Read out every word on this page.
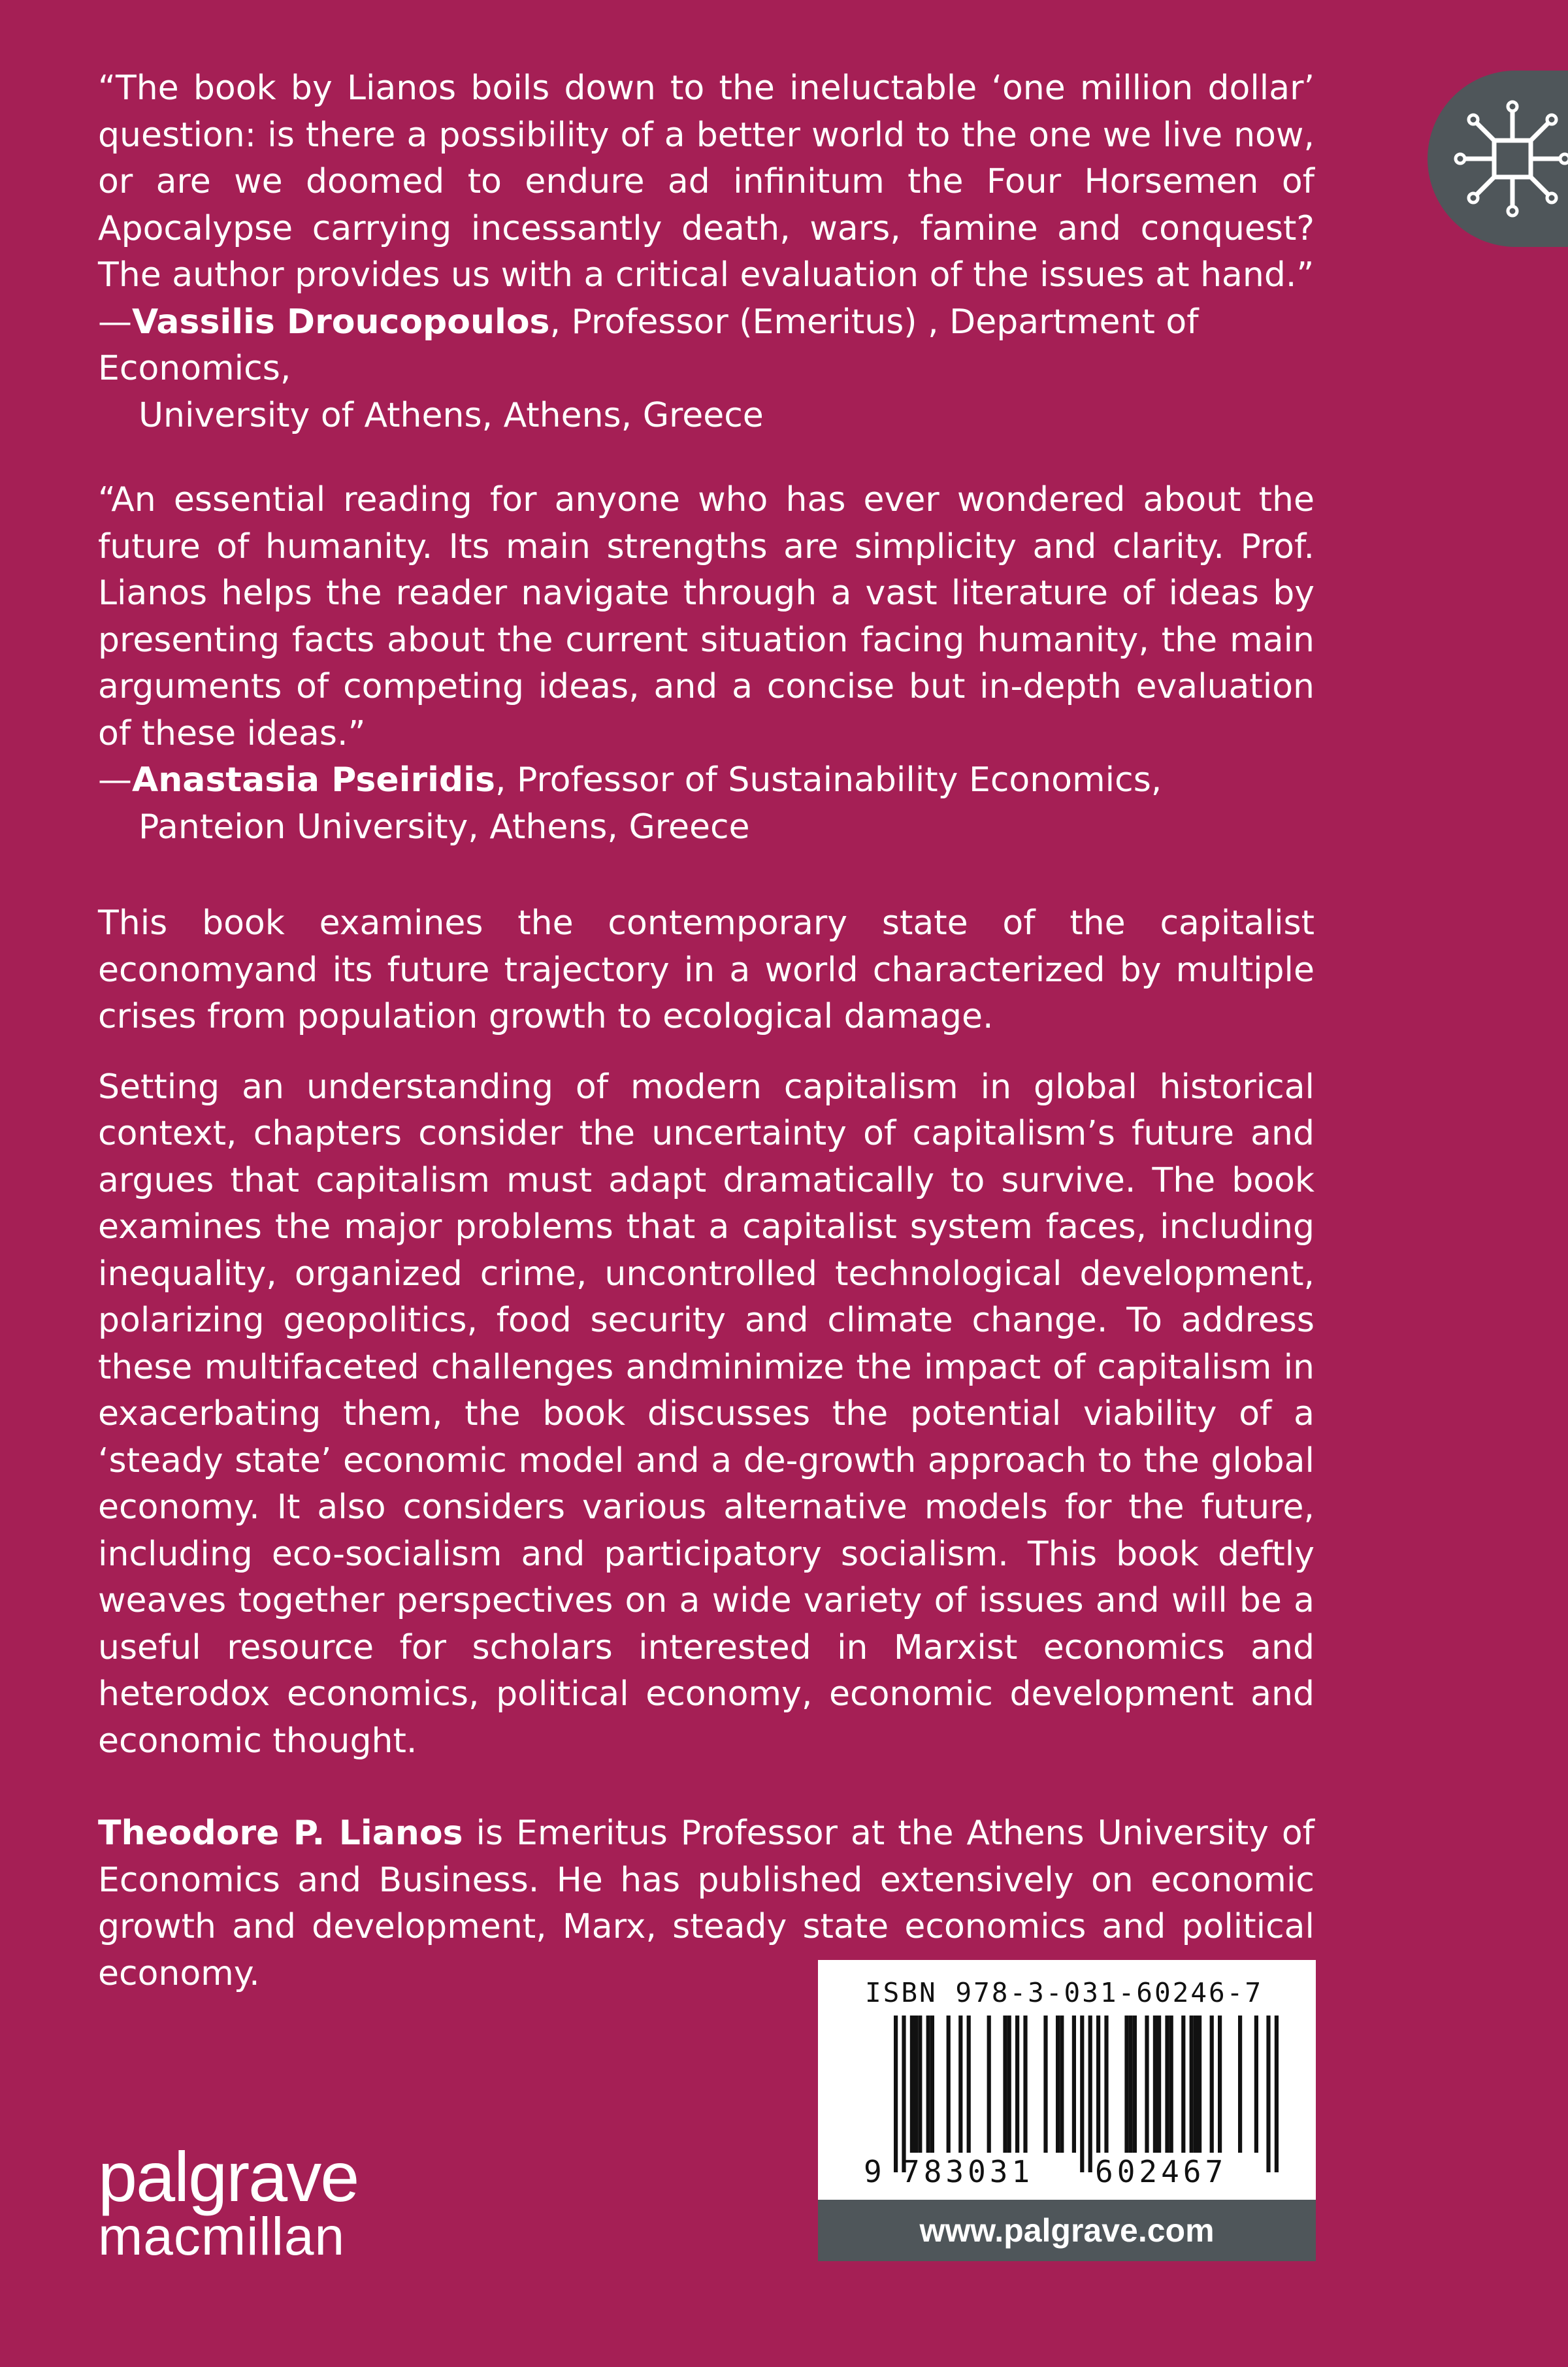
“The book by Lianos boils down to the ineluctable ‘one million dollar’ question: is there a possibility of a better world to the one we live now, or are we doomed to endure ad infinitum the Four Horsemen of Apocalypse carrying incessantly death, wars, famine and conquest? The author provides us with a critical evaluation of the issues at hand.”

—Vassilis Droucopoulos, Professor (Emeritus) , Department of Economics,
University of Athens, Athens, Greece

“An essential reading for anyone who has ever wondered about the future of humanity. Its main strengths are simplicity and clarity. Prof. Lianos helps the reader navigate through a vast literature of ideas by presenting facts about the current situation facing humanity, the main arguments of competing ideas, and a concise but in-depth evaluation of these ideas.”

—Anastasia Pseiridis, Professor of Sustainability Economics,
Panteion University, Athens, Greece

This book examines the contemporary state of the capitalist economyand its future trajectory in a world characterized by multiple crises from population growth to ecological damage.

Setting an understanding of modern capitalism in global historical context, chapters consider the uncertainty of capitalism’s future and argues that capitalism must adapt dramatically to survive. The book examines the major problems that a capitalist system faces, including inequality, organized crime, uncontrolled technological development, polarizing geopolitics, food security and climate change. To address these multifaceted challenges andminimize the impact of capitalism in exacerbating them, the book discusses the potential viability of a ‘steady state’ economic model and a de-growth approach to the global economy. It also considers various alternative models for the future, including eco-socialism and participatory socialism. This book deftly weaves together perspectives on a wide variety of issues and will be a useful resource for scholars interested in Marxist economics and heterodox economics, political economy, economic development and economic thought.

Theodore P. Lianos is Emeritus Professor at the Athens University of Economics and Business. He has published extensively on economic growth and development, Marx, steady state economics and political economy.	ISBN 978-3-031-60246-7
9 783031 602467
www.palgrave.com
palgrave
macmillan
